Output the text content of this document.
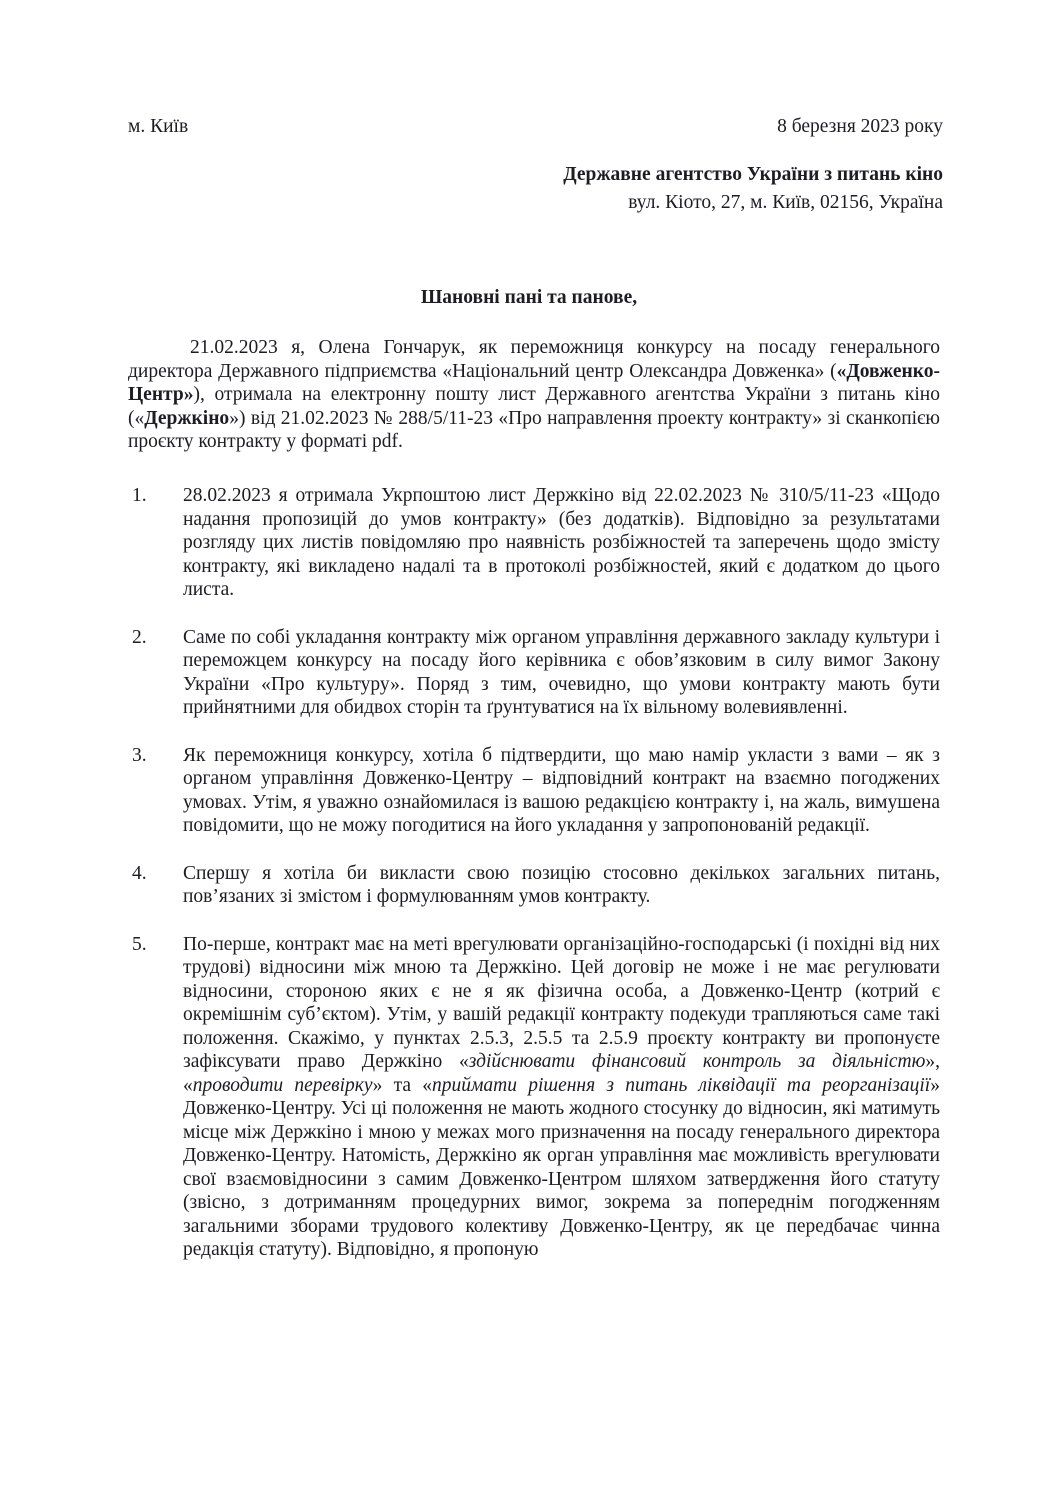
м. Київ	8 березня 2023 року
Державне агентство України з питань кіно
вул. Кіото, 27, м. Київ, 02156, Україна
Шановні пані та панове,

21.02.2023 я, Олена Гончарук, як переможниця конкурсу на посаду генерального директора Державного підприємства «Національний центр Олександра Довженка» («Довженко-Центр»), отримала на електронну пошту лист Державного агентства України з питань кіно («Держкіно») від 21.02.2023 № 288/5/11-23 «Про направлення проекту контракту» зі сканкопією проєкту контракту у форматі pdf.

1. 28.02.2023 я отримала Укрпоштою лист Держкіно від 22.02.2023 № 310/5/11-23 «Щодо надання пропозицій до умов контракту» (без додатків). Відповідно за результатами розгляду цих листів повідомляю про наявність розбіжностей та заперечень щодо змісту контракту, які викладено надалі та в протоколі розбіжностей, який є додатком до цього листа.

2. Саме по собі укладання контракту між органом управління державного закладу культури і переможцем конкурсу на посаду його керівника є обов’язковим в силу вимог Закону України «Про культуру». Поряд з тим, очевидно, що умови контракту мають бути прийнятними для обидвох сторін та ґрунтуватися на їх вільному волевиявленні.

3. Як переможниця конкурсу, хотіла б підтвердити, що маю намір укласти з вами – як з органом управління Довженко-Центру – відповідний контракт на взаємно погоджених умовах. Утім, я уважно ознайомилася із вашою редакцією контракту і, на жаль, вимушена повідомити, що не можу погодитися на його укладання у запропонованій редакції.

4. Спершу я хотіла би викласти свою позицію стосовно декількох загальних питань, пов’язаних зі змістом і формулюванням умов контракту.

5. По-перше, контракт має на меті врегулювати організаційно-господарські (і похідні від них трудові) відносини між мною та Держкіно. Цей договір не може і не має регулювати відносини, стороною яких є не я як фізична особа, а Довженко-Центр (котрий є окремішнім суб’єктом). Утім, у вашій редакції контракту подекуди трапляються саме такі положення. Скажімо, у пунктах 2.5.3, 2.5.5 та 2.5.9 проєкту контракту ви пропонуєте зафіксувати право Держкіно «здійснювати фінансовий контроль за діяльністю», «проводити перевірку» та «приймати рішення з питань ліквідації та реорганізації» Довженко-Центру. Усі ці положення не мають жодного стосунку до відносин, які матимуть місце між Держкіно і мною у межах мого призначення на посаду генерального директора Довженко-Центру. Натомість, Держкіно як орган управління має можливість врегулювати свої взаємовідносини з самим Довженко-Центром шляхом затвердження його статуту (звісно, з дотриманням процедурних вимог, зокрема за попереднім погодженням загальними зборами трудового колективу Довженко-Центру, як це передбачає чинна редакція статуту). Відповідно, я пропоную
